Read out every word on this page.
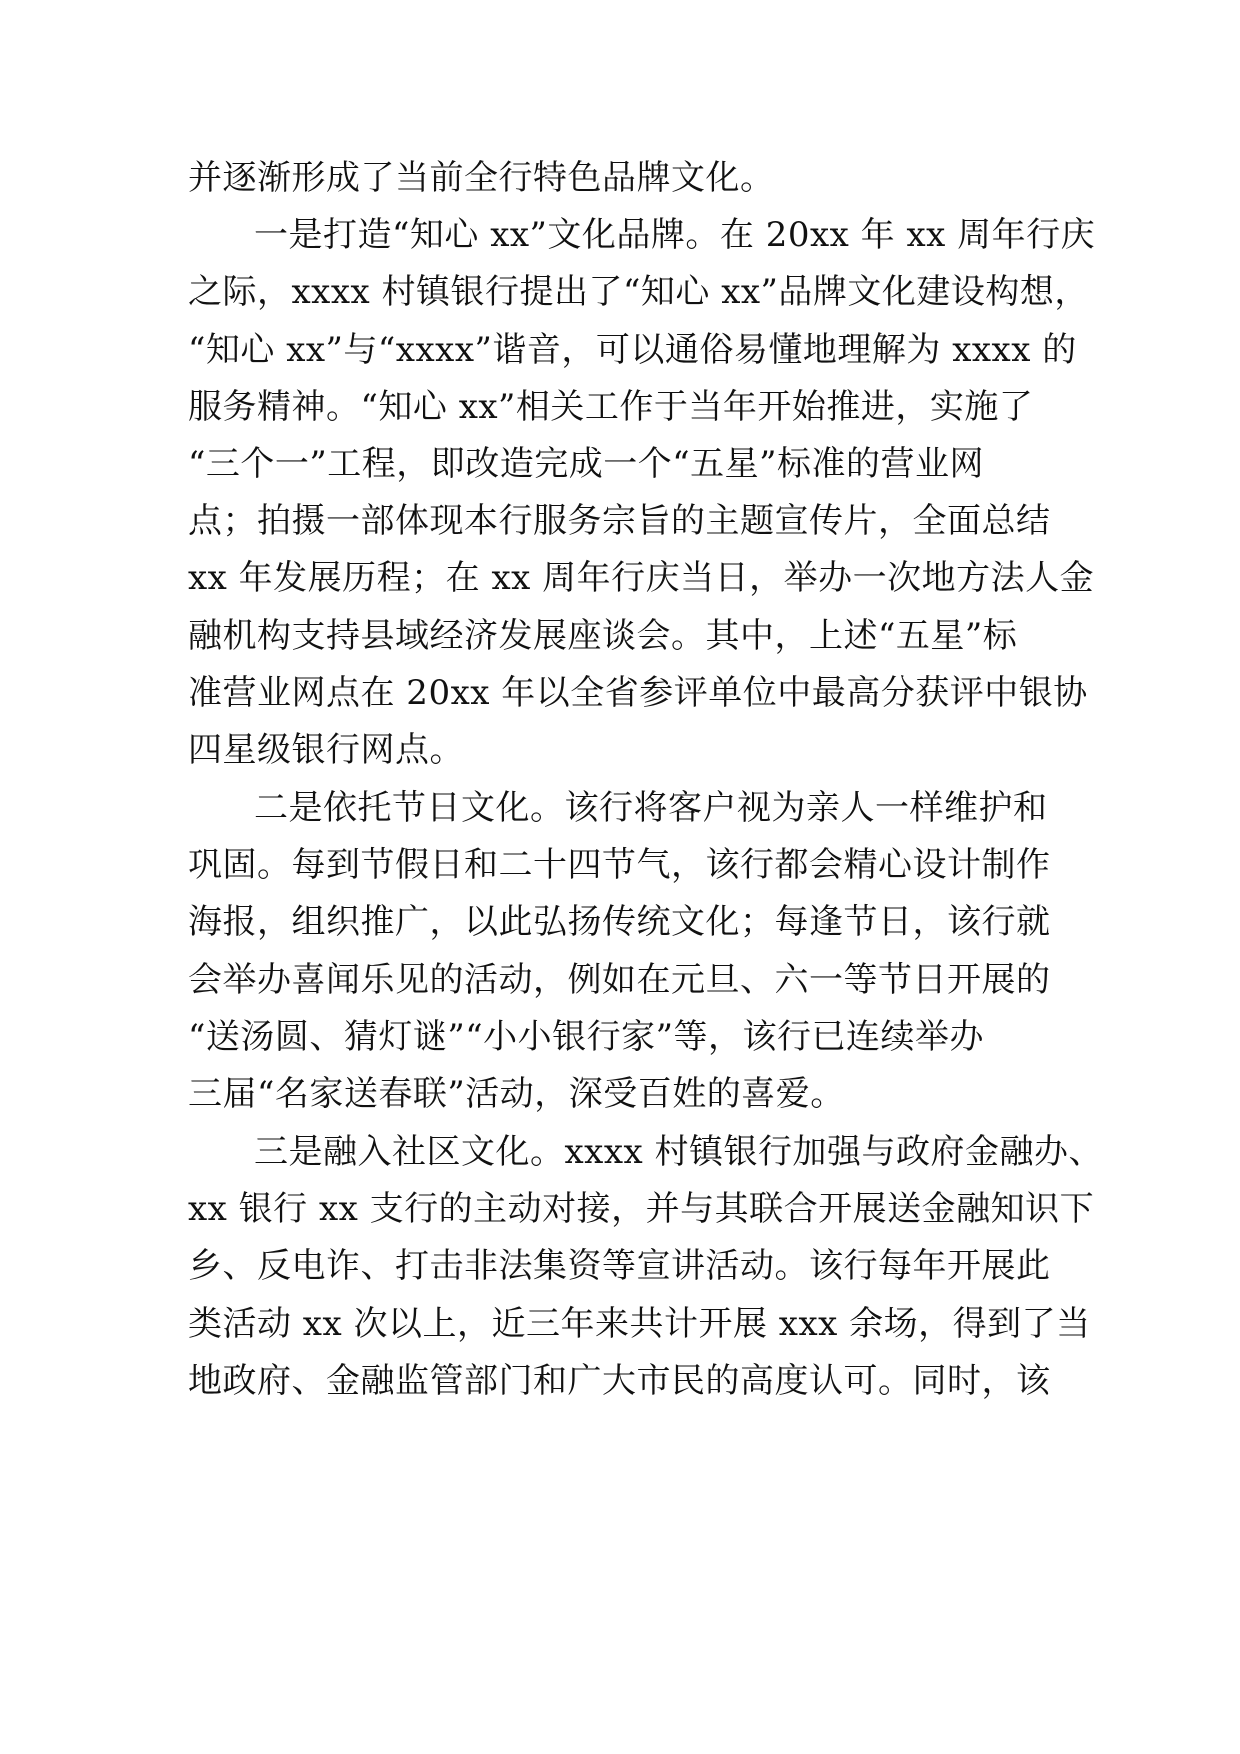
并逐渐形成了当前全行特色品牌文化。
一是打造“知心 xx”文化品牌。在 20xx 年 xx 周年行庆
之际，xxxx 村镇银行提出了“知心 xx”品牌文化建设构想，
“知心 xx”与“xxxx”谐音，可以通俗易懂地理解为 xxxx 的
服务精神。“知心 xx”相关工作于当年开始推进，实施了
“三个一”工程，即改造完成一个“五星”标准的营业网
点；拍摄一部体现本行服务宗旨的主题宣传片，全面总结
xx 年发展历程；在 xx 周年行庆当日，举办一次地方法人金
融机构支持县域经济发展座谈会。其中，上述“五星”标
准营业网点在 20xx 年以全省参评单位中最高分获评中银协
四星级银行网点。
二是依托节日文化。该行将客户视为亲人一样维护和
巩固。每到节假日和二十四节气，该行都会精心设计制作
海报，组织推广，以此弘扬传统文化；每逢节日，该行就
会举办喜闻乐见的活动，例如在元旦、六一等节日开展的
“送汤圆、猜灯谜”“小小银行家”等，该行已连续举办
三届“名家送春联”活动，深受百姓的喜爱。
三是融入社区文化。xxxx 村镇银行加强与政府金融办、
xx 银行 xx 支行的主动对接，并与其联合开展送金融知识下
乡、反电诈、打击非法集资等宣讲活动。该行每年开展此
类活动 xx 次以上，近三年来共计开展 xxx 余场，得到了当
地政府、金融监管部门和广大市民的高度认可。同时，该
